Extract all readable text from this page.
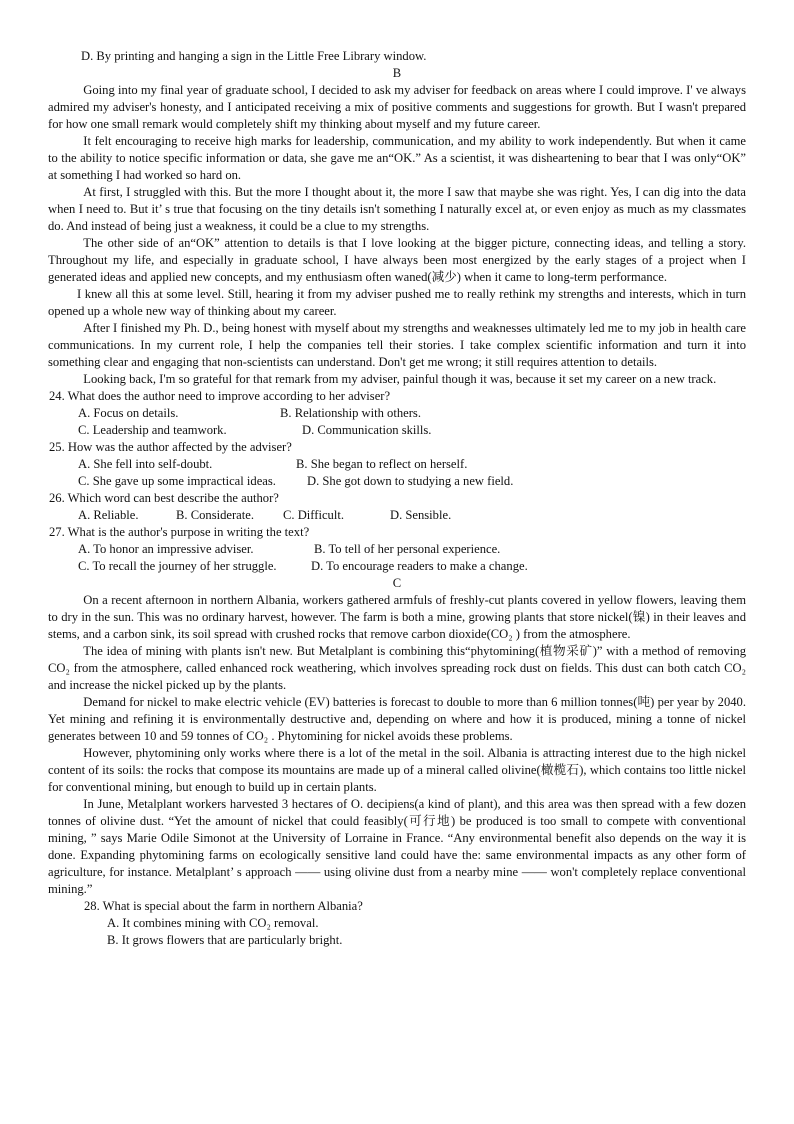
D. By printing and hanging a sign in the Little Free Library window.

B

Going into my final year of graduate school, I decided to ask my adviser for feedback on areas where I could improve. I' ve always admired my adviser's honesty, and I anticipated receiving a mix of positive comments and suggestions for growth. But I wasn't prepared for how one small remark would completely shift my thinking about myself and my future career.

It felt encouraging to receive high marks for leadership, communication, and my ability to work independently. But when it came to the ability to notice specific information or data, she gave me an“OK.” As a scientist, it was disheartening to bear that I was only“OK” at something I had worked so hard on.

At first, I struggled with this. But the more I thought about it, the more I saw that maybe she was right. Yes, I can dig into the data when I need to. But it’ s true that focusing on the tiny details isn't something I naturally excel at, or even enjoy as much as my classmates do. And instead of being just a weakness, it could be a clue to my strengths.

The other side of an“OK” attention to details is that I love looking at the bigger picture, connecting ideas, and telling a story. Throughout my life, and especially in graduate school, I have always been most energized by the early stages of a project when I generated ideas and applied new concepts, and my enthusiasm often waned(减少) when it came to long-term performance.

I knew all this at some level. Still, hearing it from my adviser pushed me to really rethink my strengths and interests, which in turn opened up a whole new way of thinking about my career.

After I finished my Ph. D., being honest with myself about my strengths and weaknesses ultimately led me to my job in health care communications. In my current role, I help the companies tell their stories. I take complex scientific information and turn it into something clear and engaging that non-scientists can understand. Don't get me wrong; it still requires attention to details.

Looking back, I'm so grateful for that remark from my adviser, painful though it was, because it set my career on a new track.

24. What does the author need to improve according to her adviser?

A. Focus on details.	B. Relationship with others.

C. Leadership and teamwork.	D. Communication skills.

25. How was the author affected by the adviser?

A. She fell into self-doubt.	B. She began to reflect on herself.

C. She gave up some impractical ideas. D. She got down to studying a new field.

26. Which word can best describe the author?

A. Reliable.	B. Considerate. C. Difficult.	D. Sensible.

27. What is the author's purpose in writing the text?

A. To honor an impressive adviser.	B. To tell of her personal experience.

C. To recall the journey of her struggle.	D. To encourage readers to make a change.

C

On a recent afternoon in northern Albania, workers gathered armfuls of freshly-cut plants covered in yellow flowers, leaving them to dry in the sun. This was no ordinary harvest, however. The farm is both a mine, growing plants that store nickel(镍) in their leaves and stems, and a carbon sink, its soil spread with crushed rocks that remove carbon dioxide(CO₂ ) from the atmosphere.

The idea of mining with plants isn't new. But Metalplant is combining this“phytomining(植物采矿)” with a method of removing CO₂ from the atmosphere, called enhanced rock weathering, which involves spreading rock dust on fields. This dust can both catch CO₂ and increase the nickel picked up by the plants.

Demand for nickel to make electric vehicle (EV) batteries is forecast to double to more than 6 million tonnes(吨) per year by 2040. Yet mining and refining it is environmentally destructive and, depending on where and how it is produced, mining a tonne of nickel generates between 10 and 59 tonnes of CO₂ . Phytomining for nickel avoids these problems.

However, phytomining only works where there is a lot of the metal in the soil. Albania is attracting interest due to the high nickel content of its soils: the rocks that compose its mountains are made up of a mineral called olivine(橄榄石), which contains too little nickel for conventional mining, but enough to build up in certain plants.

In June, Metalplant workers harvested 3 hectares of O. decipiens(a kind of plant), and this area was then spread with a few dozen tonnes of olivine dust. “Yet the amount of nickel that could feasibly(可行地) be produced is too small to compete with conventional mining, ” says Marie Odile Simonot at the University of Lorraine in France. “Any environmental benefit also depends on the way it is done. Expanding phytomining farms on ecologically sensitive land could have the: same environmental impacts as any other form of agriculture, for instance. Metalplant’ s approach —— using olivine dust from a nearby mine —— won't completely replace conventional mining.”

28. What is special about the farm in northern Albania?

A. It combines mining with CO₂ removal.

B. It grows flowers that are particularly bright.
